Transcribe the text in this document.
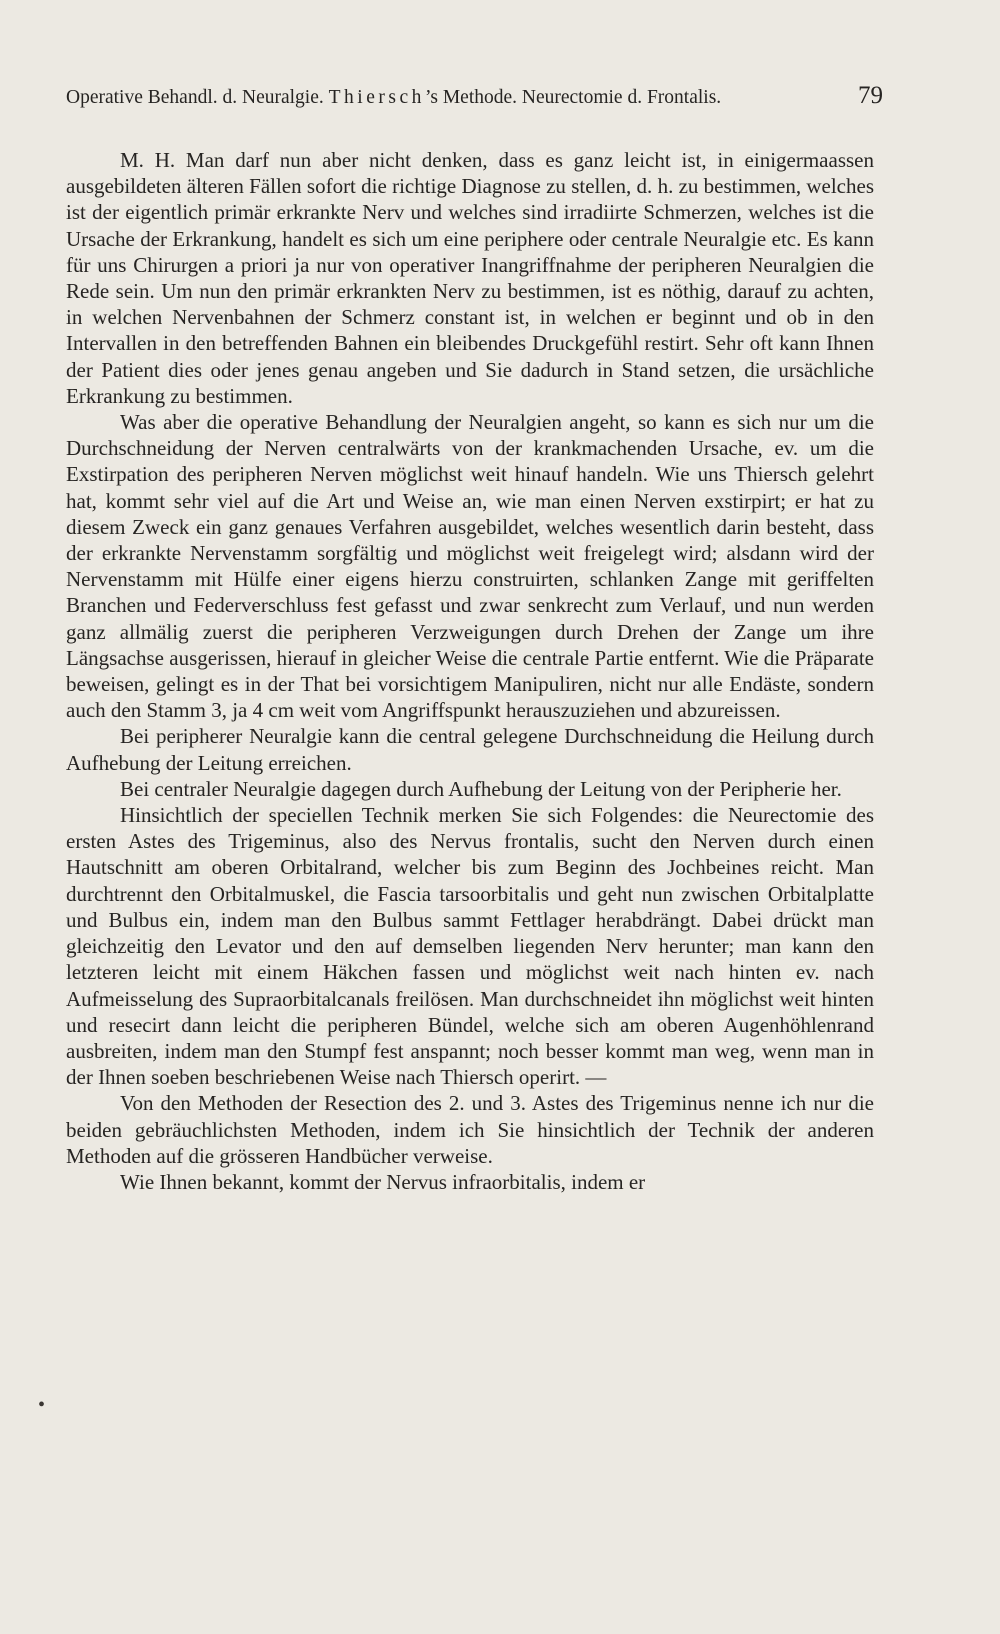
Operative Behandl. d. Neuralgie. Thiersch’s Methode. Neurectomie d. Frontalis.	79

M. H. Man darf nun aber nicht denken, dass es ganz leicht ist, in einigermaassen ausgebildeten älteren Fällen sofort die richtige Diagnose zu stellen, d. h. zu bestimmen, welches ist der eigentlich primär erkrankte Nerv und welches sind irradiirte Schmerzen, welches ist die Ursache der Erkrankung, handelt es sich um eine periphere oder centrale Neuralgie etc. Es kann für uns Chirurgen a priori ja nur von operativer Inangriffnahme der peripheren Neuralgien die Rede sein. Um nun den primär erkrankten Nerv zu bestimmen, ist es nöthig, darauf zu achten, in welchen Nervenbahnen der Schmerz constant ist, in welchen er beginnt und ob in den Intervallen in den betreffenden Bahnen ein bleibendes Druckgefühl restirt. Sehr oft kann Ihnen der Patient dies oder jenes genau angeben und Sie dadurch in Stand setzen, die ursächliche Erkrankung zu bestimmen.

Was aber die operative Behandlung der Neuralgien angeht, so kann es sich nur um die Durchschneidung der Nerven centralwärts von der krankmachenden Ursache, ev. um die Exstirpation des peripheren Nerven möglichst weit hinauf handeln. Wie uns Thiersch gelehrt hat, kommt sehr viel auf die Art und Weise an, wie man einen Nerven exstirpirt; er hat zu diesem Zweck ein ganz genaues Verfahren ausgebildet, welches wesentlich darin besteht, dass der erkrankte Nervenstamm sorgfältig und möglichst weit freigelegt wird; alsdann wird der Nervenstamm mit Hülfe einer eigens hierzu construirten, schlanken Zange mit geriffelten Branchen und Federverschluss fest gefasst und zwar senkrecht zum Verlauf, und nun werden ganz allmälig zuerst die peripheren Verzweigungen durch Drehen der Zange um ihre Längsachse ausgerissen, hierauf in gleicher Weise die centrale Partie entfernt. Wie die Präparate beweisen, gelingt es in der That bei vorsichtigem Manipuliren, nicht nur alle Endäste, sondern auch den Stamm 3, ja 4 cm weit vom Angriffspunkt herauszuziehen und abzureissen.

Bei peripherer Neuralgie kann die central gelegene Durchschneidung die Heilung durch Aufhebung der Leitung erreichen.

Bei centraler Neuralgie dagegen durch Aufhebung der Leitung von der Peripherie her.

Hinsichtlich der speciellen Technik merken Sie sich Folgendes: die Neurectomie des ersten Astes des Trigeminus, also des Nervus frontalis, sucht den Nerven durch einen Hautschnitt am oberen Orbitalrand, welcher bis zum Beginn des Jochbeines reicht. Man durchtrennt den Orbitalmuskel, die Fascia tarsoorbitalis und geht nun zwischen Orbitalplatte und Bulbus ein, indem man den Bulbus sammt Fettlager herabdrängt. Dabei drückt man gleichzeitig den Levator und den auf demselben liegenden Nerv herunter; man kann den letzteren leicht mit einem Häkchen fassen und möglichst weit nach hinten ev. nach Aufmeisselung des Supraorbitalcanals freilösen. Man durchschneidet ihn möglichst weit hinten und resecirt dann leicht die peripheren Bündel, welche sich am oberen Augenhöhlenrand ausbreiten, indem man den Stumpf fest anspannt; noch besser kommt man weg, wenn man in der Ihnen soeben beschriebenen Weise nach Thiersch operirt. —

Von den Methoden der Resection des 2. und 3. Astes des Trigeminus nenne ich nur die beiden gebräuchlichsten Methoden, indem ich Sie hinsichtlich der Technik der anderen Methoden auf die grösseren Handbücher verweise.

Wie Ihnen bekannt, kommt der Nervus infraorbitalis, indem er

•
